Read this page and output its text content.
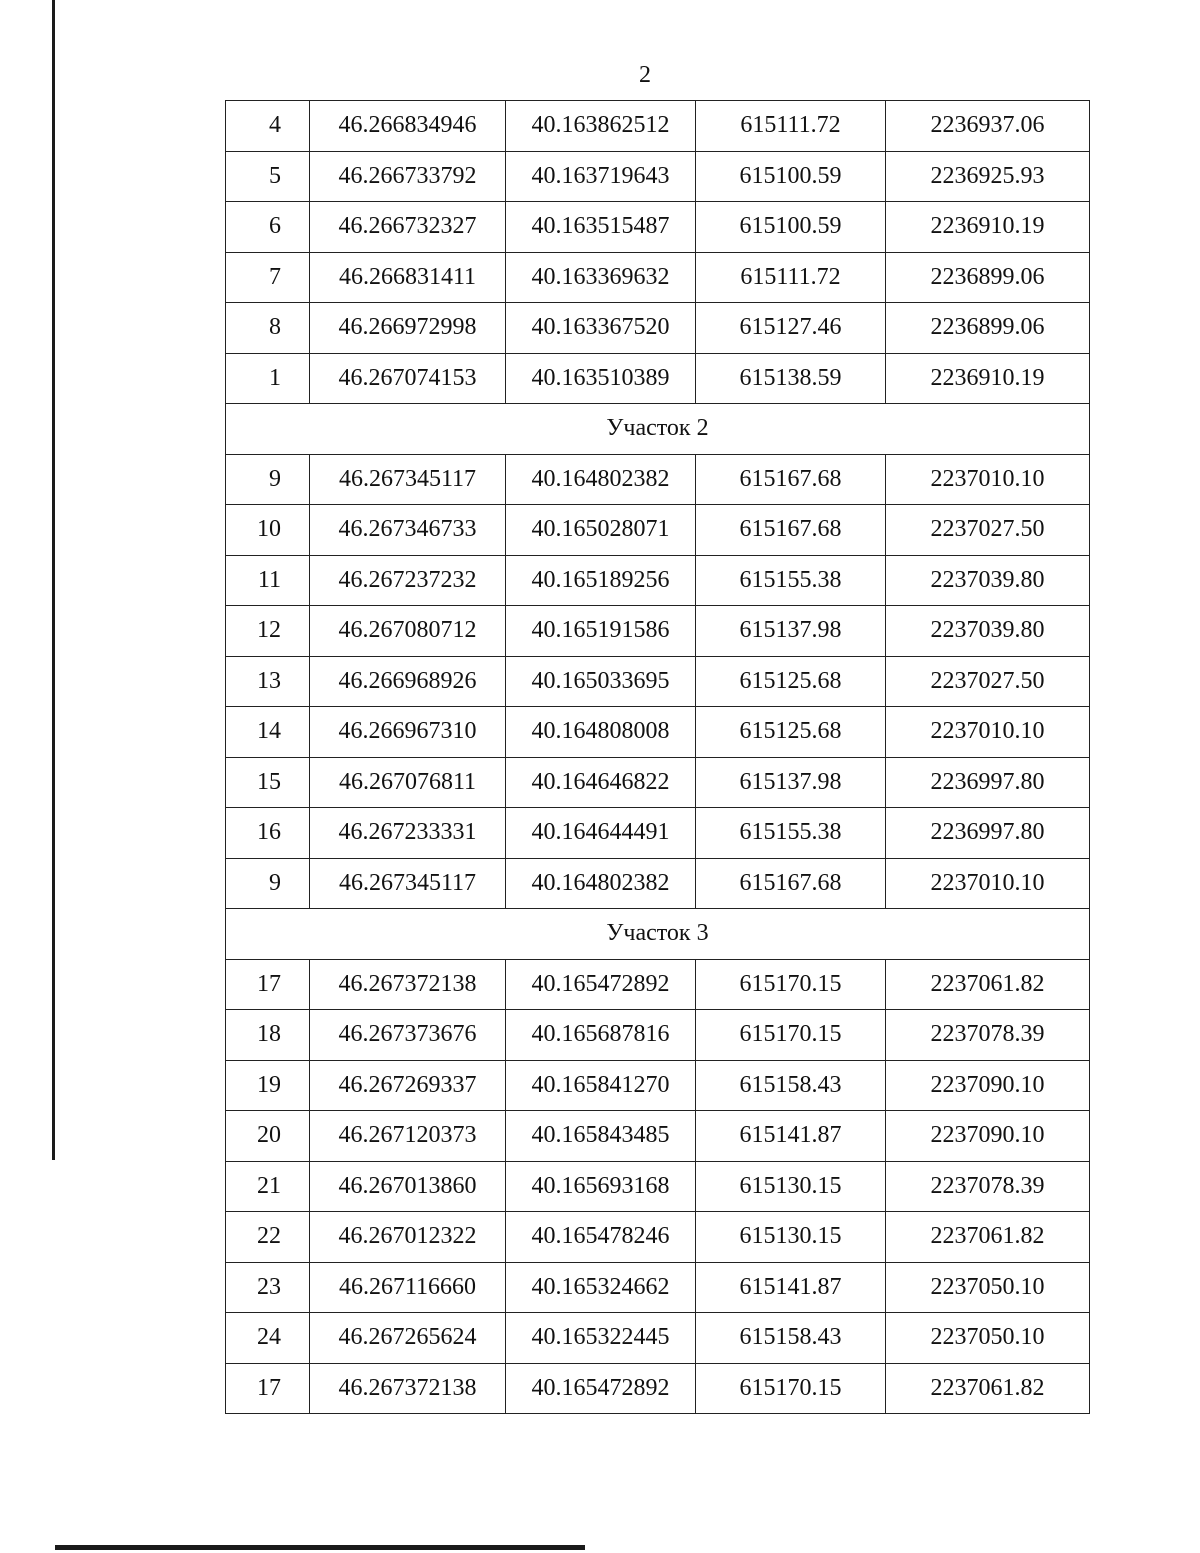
2
4	46.266834946	40.163862512	615111.72	2236937.06
5	46.266733792	40.163719643	615100.59	2236925.93
6	46.266732327	40.163515487	615100.59	2236910.19
7	46.266831411	40.163369632	615111.72	2236899.06
8	46.266972998	40.163367520	615127.46	2236899.06
1	46.267074153	40.163510389	615138.59	2236910.19
Участок 2				
9	46.267345117	40.164802382	615167.68	2237010.10
10	46.267346733	40.165028071	615167.68	2237027.50
11	46.267237232	40.165189256	615155.38	2237039.80
12	46.267080712	40.165191586	615137.98	2237039.80
13	46.266968926	40.165033695	615125.68	2237027.50
14	46.266967310	40.164808008	615125.68	2237010.10
15	46.267076811	40.164646822	615137.98	2236997.80
16	46.267233331	40.164644491	615155.38	2236997.80
9	46.267345117	40.164802382	615167.68	2237010.10
Участок 3				
17	46.267372138	40.165472892	615170.15	2237061.82
18	46.267373676	40.165687816	615170.15	2237078.39
19	46.267269337	40.165841270	615158.43	2237090.10
20	46.267120373	40.165843485	615141.87	2237090.10
21	46.267013860	40.165693168	615130.15	2237078.39
22	46.267012322	40.165478246	615130.15	2237061.82
23	46.267116660	40.165324662	615141.87	2237050.10
24	46.267265624	40.165322445	615158.43	2237050.10
17	46.267372138	40.165472892	615170.15	2237061.82
